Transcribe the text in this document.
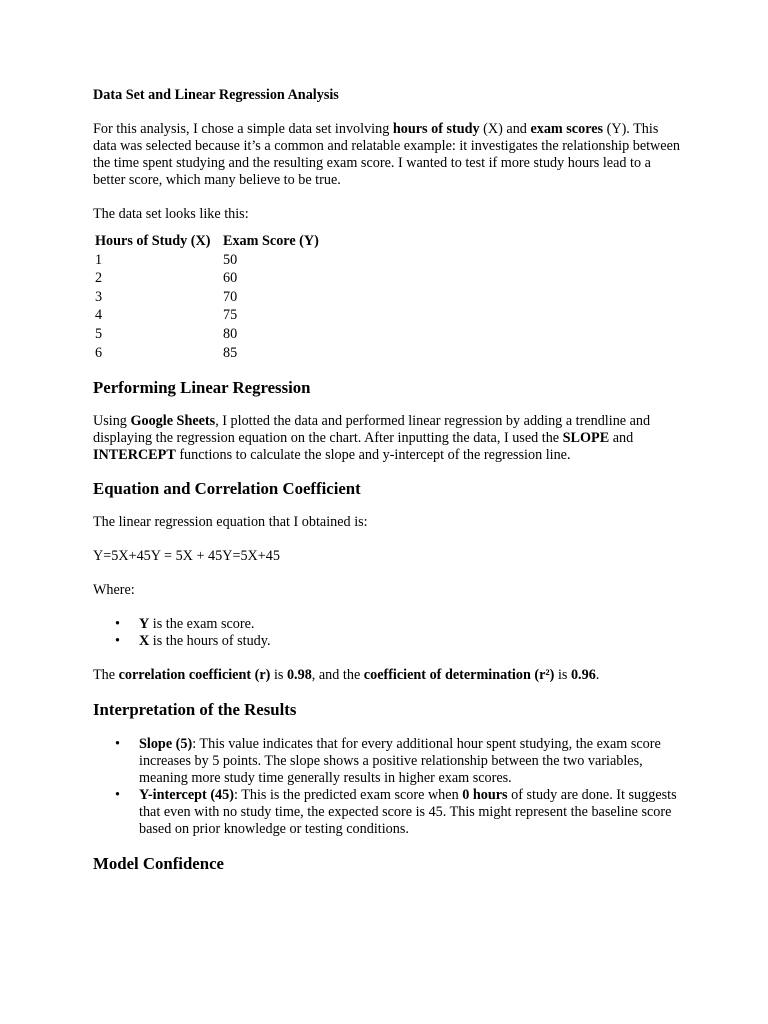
Data Set and Linear Regression Analysis

For this analysis, I chose a simple data set involving hours of study (X) and exam scores (Y). This data was selected because it’s a common and relatable example: it investigates the relationship between the time spent studying and the resulting exam score. I wanted to test if more study hours lead to a better score, which many believe to be true.

The data set looks like this:

Hours of Study (X)	Exam Score (Y)
1	50
2	60
3	70
4	75
5	80
6	85
Performing Linear Regression

Using Google Sheets, I plotted the data and performed linear regression by adding a trendline and displaying the regression equation on the chart. After inputting the data, I used the SLOPE and INTERCEPT functions to calculate the slope and y-intercept of the regression line.

Equation and Correlation Coefficient

The linear regression equation that I obtained is:

Y=5X+45Y = 5X + 45Y=5X+45

Where:

• Y is the exam score.
• X is the hours of study.

The correlation coefficient (r) is 0.98, and the coefficient of determination (r²) is 0.96.

Interpretation of the Results
• Slope (5): This value indicates that for every additional hour spent studying, the exam score increases by 5 points. The slope shows a positive relationship between the two variables, meaning more study time generally results in higher exam scores.
• Y-intercept (45): This is the predicted exam score when 0 hours of study are done. It suggests that even with no study time, the expected score is 45. This might represent the baseline score based on prior knowledge or testing conditions.
Model Confidence
